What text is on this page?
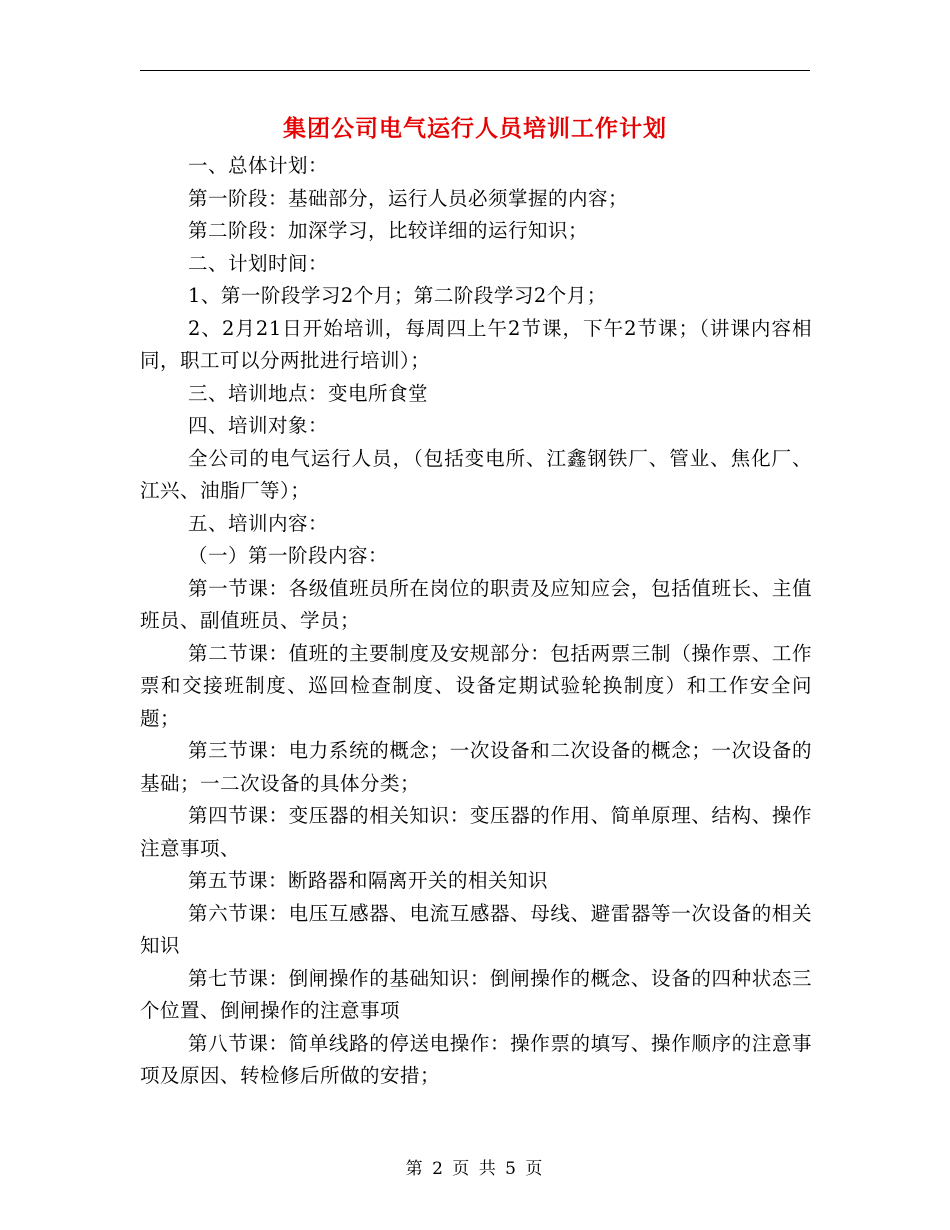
集团公司电气运行人员培训工作计划

一、总体计划：

第一阶段：基础部分，运行人员必须掌握的内容；

第二阶段：加深学习，比较详细的运行知识；

二、计划时间：

1、第一阶段学习2个月；第二阶段学习2个月；

2、2月21日开始培训，每周四上午2节课，下午2节课；（讲课内容相同，职工可以分两批进行培训）；

三、培训地点：变电所食堂

四、培训对象：

全公司的电气运行人员，（包括变电所、江鑫钢铁厂、管业、焦化厂、江兴、油脂厂等）；

五、培训内容：

（一）第一阶段内容：

第一节课：各级值班员所在岗位的职责及应知应会，包括值班长、主值班员、副值班员、学员；

第二节课：值班的主要制度及安规部分：包括两票三制（操作票、工作票和交接班制度、巡回检查制度、设备定期试验轮换制度）和工作安全问题；

第三节课：电力系统的概念；一次设备和二次设备的概念；一次设备的基础；一二次设备的具体分类；

第四节课：变压器的相关知识：变压器的作用、简单原理、结构、操作注意事项、

第五节课：断路器和隔离开关的相关知识

第六节课：电压互感器、电流互感器、母线、避雷器等一次设备的相关知识

第七节课：倒闸操作的基础知识：倒闸操作的概念、设备的四种状态三个位置、倒闸操作的注意事项

第八节课：简单线路的停送电操作：操作票的填写、操作顺序的注意事项及原因、转检修后所做的安措；

第 2 页 共 5 页
